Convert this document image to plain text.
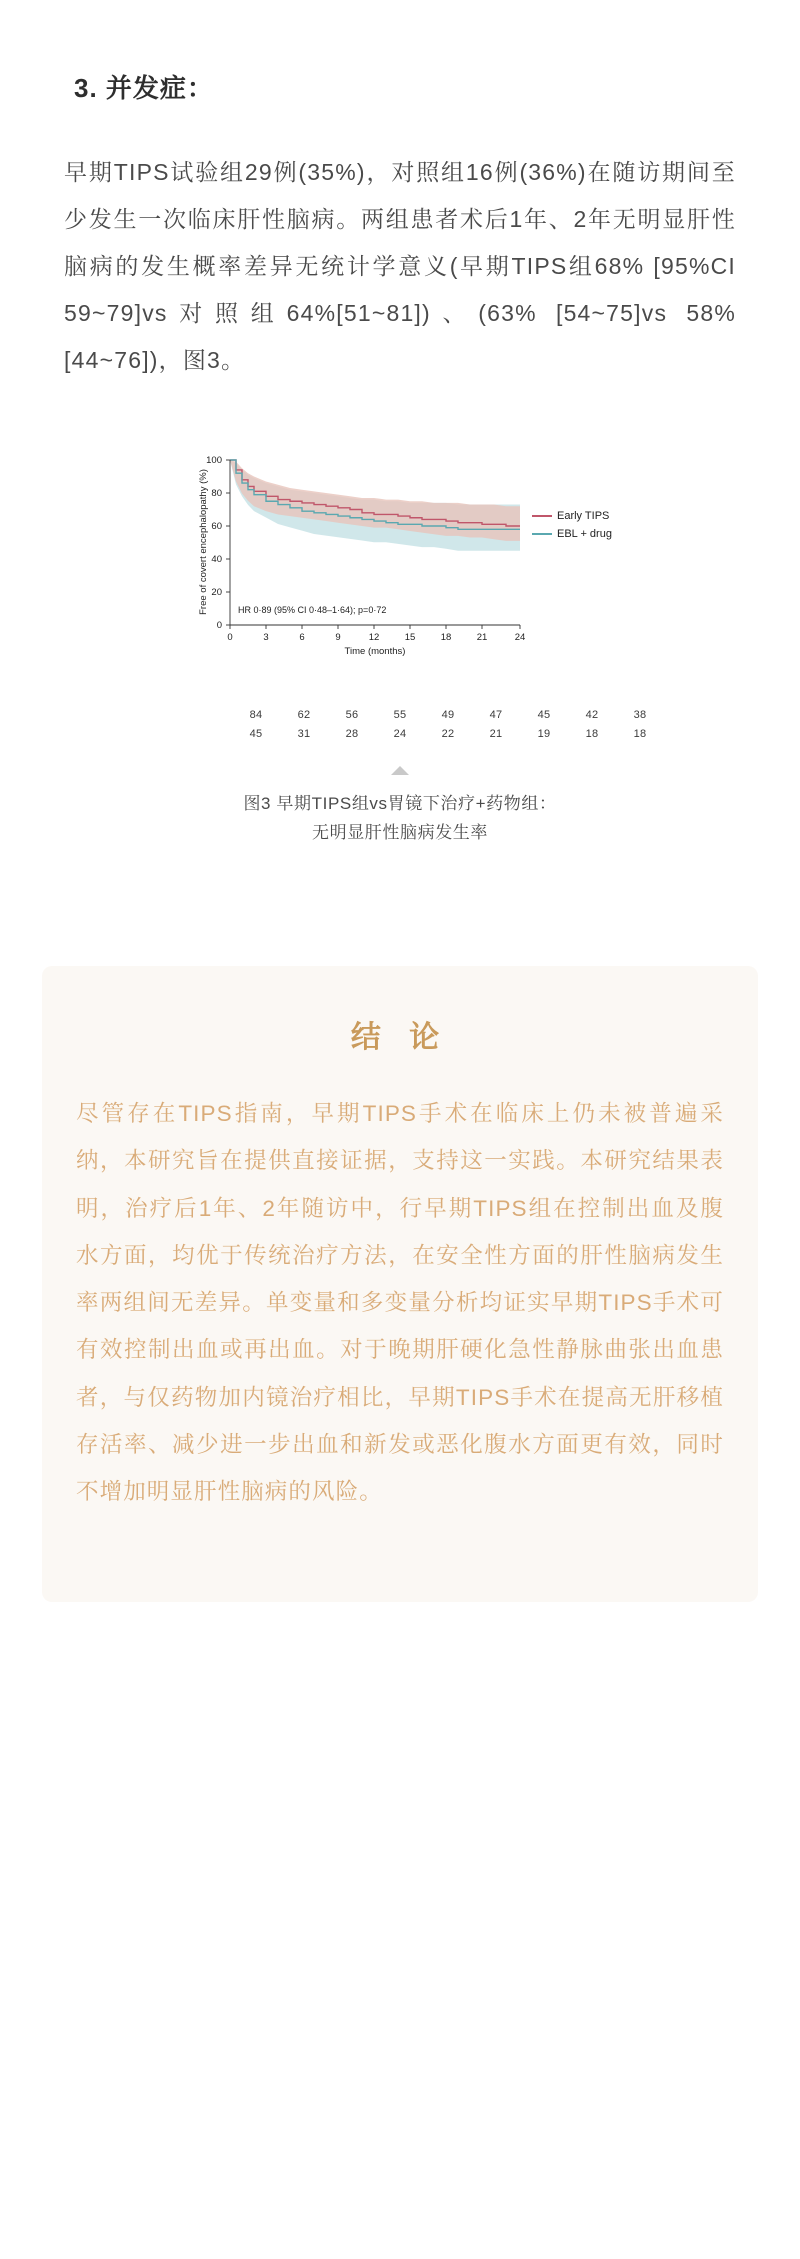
3. 并发症：

早期TIPS试验组29例(35%)，对照组16例(36%)在随访期间至少发生一次临床肝性脑病。两组患者术后1年、2年无明显肝性脑病的发生概率差异无统计学意义(早期TIPS组68% [95%CI 59~79]vs对照组64%[51~81])、(63% [54~75]vs 58%[44~76])，图3。

0
20
40
60
80
100
0	3	6	9	12	15	18	21	24
Free of covert encephalopathy (%)
Time (months)
HR 0·89 (95% CI 0·48–1·64); p=0·72
Early TIPS
EBL + drug
84	62	56	55	49	47	45	42	38
45	31	28	24	22	21	19	18	18
图3 早期TIPS组vs胃镜下治疗+药物组：
无明显肝性脑病发生率
结 论

尽管存在TIPS指南，早期TIPS手术在临床上仍未被普遍采纳，本研究旨在提供直接证据，支持这一实践。本研究结果表明，治疗后1年、2年随访中，行早期TIPS组在控制出血及腹水方面，均优于传统治疗方法，在安全性方面的肝性脑病发生率两组间无差异。单变量和多变量分析均证实早期TIPS手术可有效控制出血或再出血。对于晚期肝硬化急性静脉曲张出血患者，与仅药物加内镜治疗相比，早期TIPS手术在提高无肝移植存活率、减少进一步出血和新发或恶化腹水方面更有效，同时不增加明显肝性脑病的风险。
